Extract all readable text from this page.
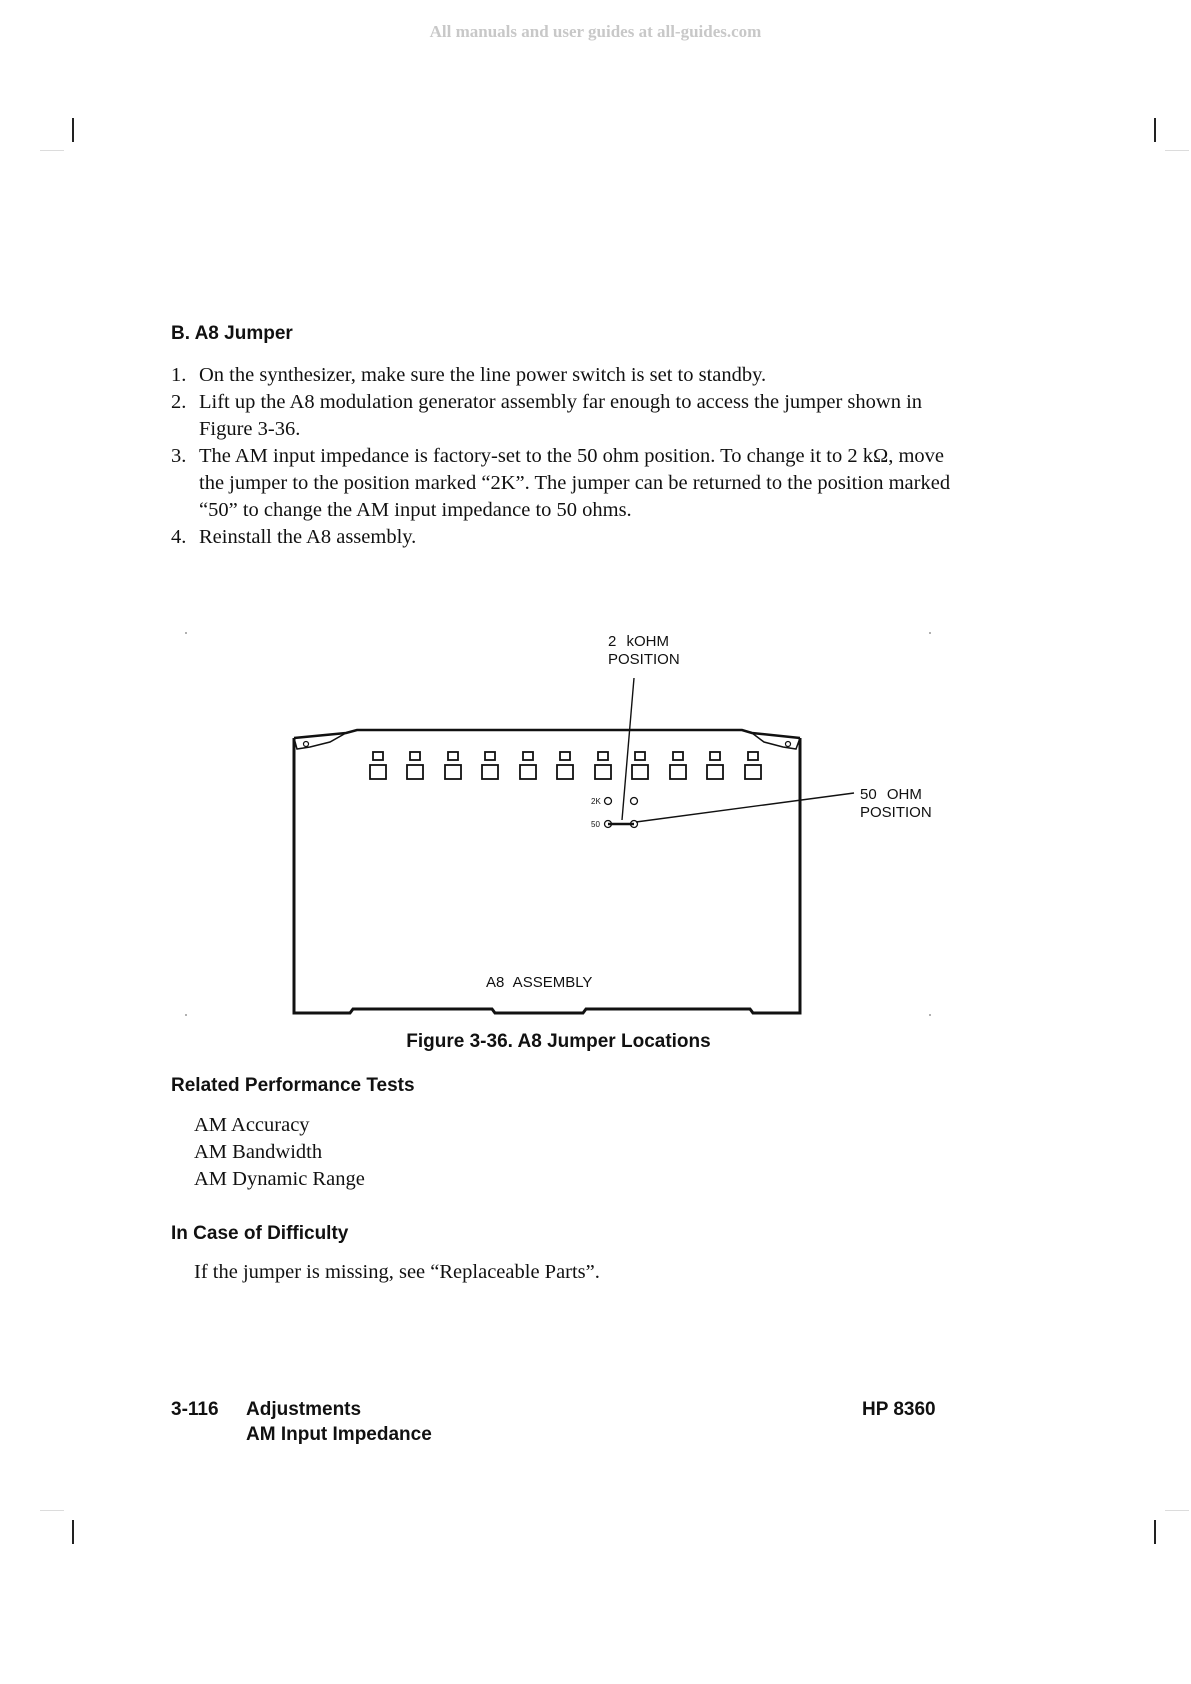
All manuals and user guides at all-guides.com
B. A8 Jumper
1. On the synthesizer, make sure the line power switch is set to standby.
2. Lift up the A8 modulation generator assembly far enough to access the jumper shown in Figure 3-36.
3. The AM input impedance is factory-set to the 50 ohm position. To change it to 2 kΩ, move the jumper to the position marked “2K”. The jumper can be returned to the position marked “50” to change the AM input impedance to 50 ohms.
4. Reinstall the A8 assembly.
2K
50
2 kOHM
POSITION
50 OHM
POSITION
A8 ASSEMBLY
Figure 3-36. A8 Jumper Locations
Related Performance Tests
AM Accuracy
AM Bandwidth
AM Dynamic Range
In Case of Difficulty
If the jumper is missing, see “Replaceable Parts”.
3-116 Adjustments
AM Input Impedance
HP 8360
